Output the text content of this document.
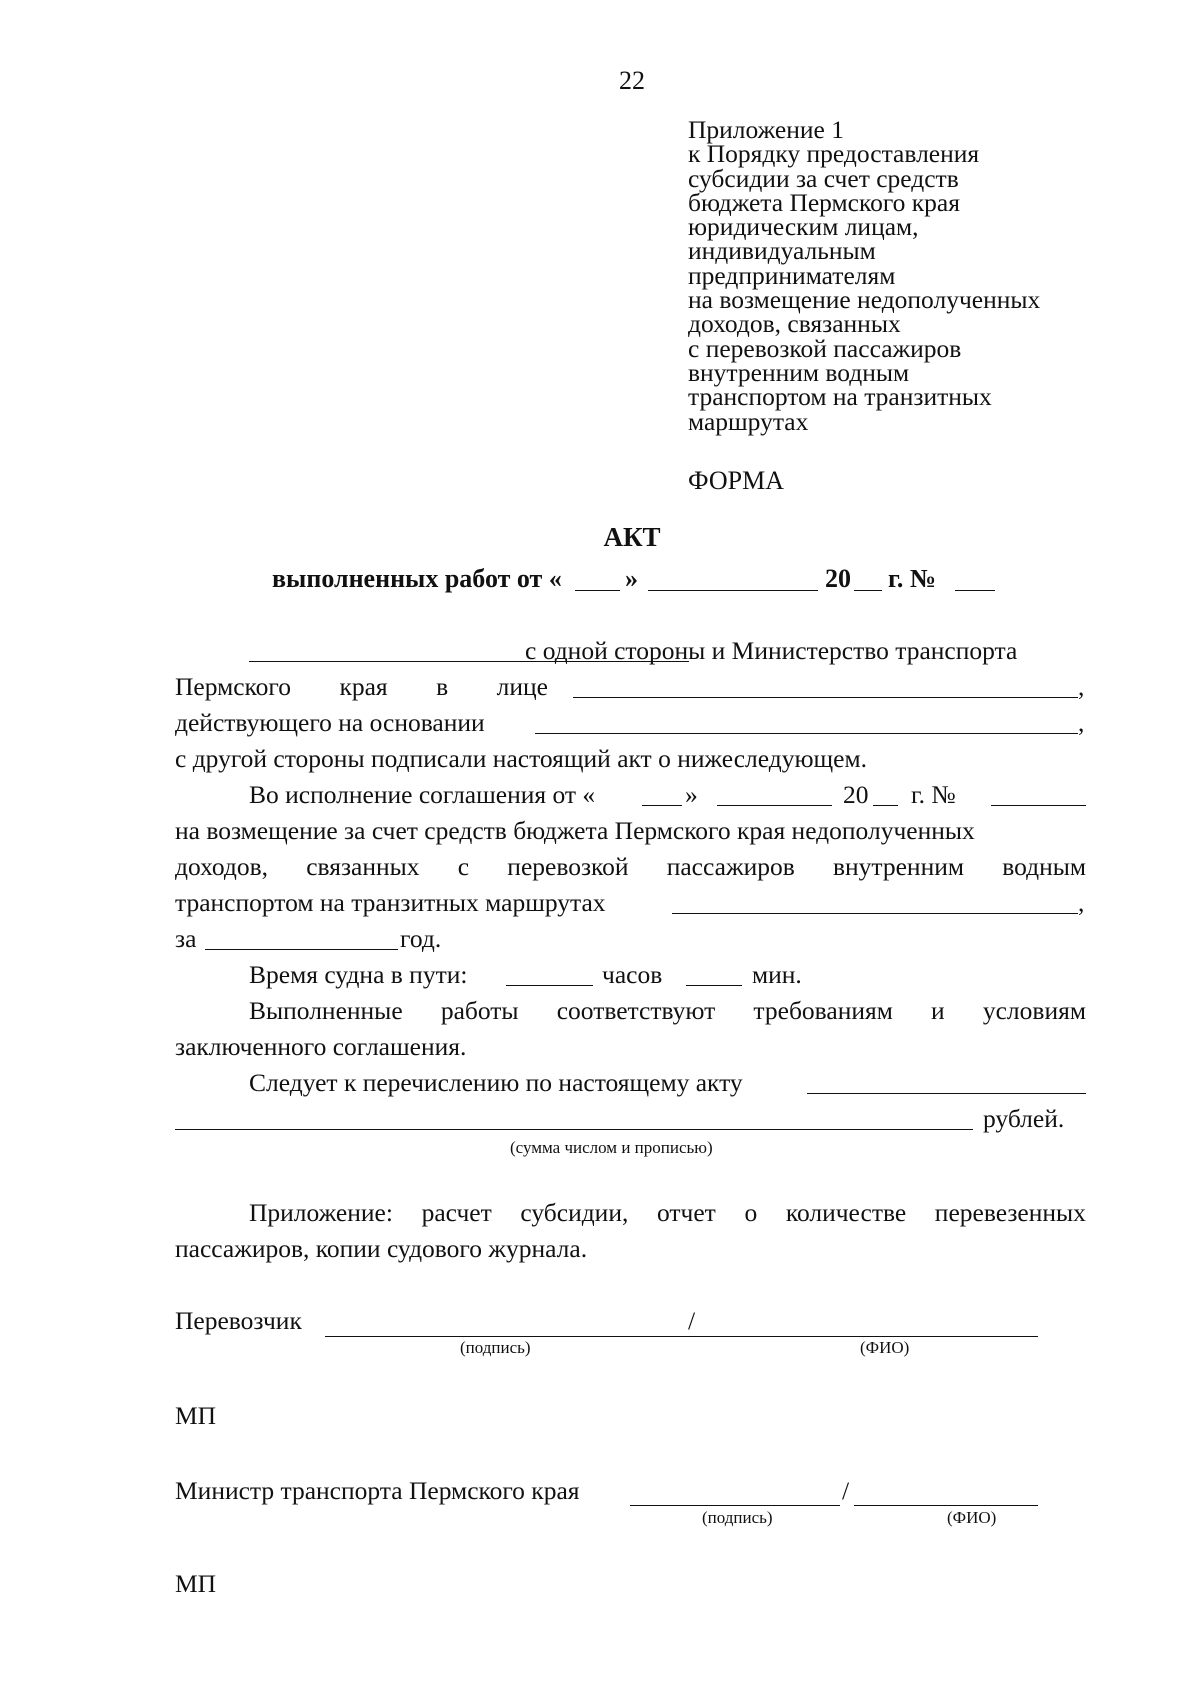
22
Приложение 1
к Порядку предоставления
субсидии за счет средств
бюджета Пермского края
юридическим лицам,
индивидуальным
предпринимателям
на возмещение недополученных
доходов, связанных
с перевозкой пассажиров
внутренним водным
транспортом на транзитных
маршрутах
ФОРМА
АКТ
выполненных работ от « »	20 г. №
с одной стороны и Министерство транспорта
Пермского края в лице	,
действующего на основании	,
с другой стороны подписали настоящий акт о нижеследующем.
Во исполнение соглашения от «	»	20 г. №
на возмещение за счет средств бюджета Пермского края недополученных
доходов, связанных с перевозкой пассажиров внутренним водным
транспортом на транзитных маршрутах	,
за	год.
Время судна в пути:	часов	мин.
Выполненные работы соответствуют требованиям и условиям
заключенного соглашения.
Следует к перечислению по настоящему акту
рублей.
(сумма числом и прописью)
Приложение: расчет субсидии, отчет о количестве перевезенных
пассажиров, копии судового журнала.
Перевозчик	/
(подпись)	(ФИО)
МП
Министр транспорта Пермского края	/
(подпись)	(ФИО)
МП
